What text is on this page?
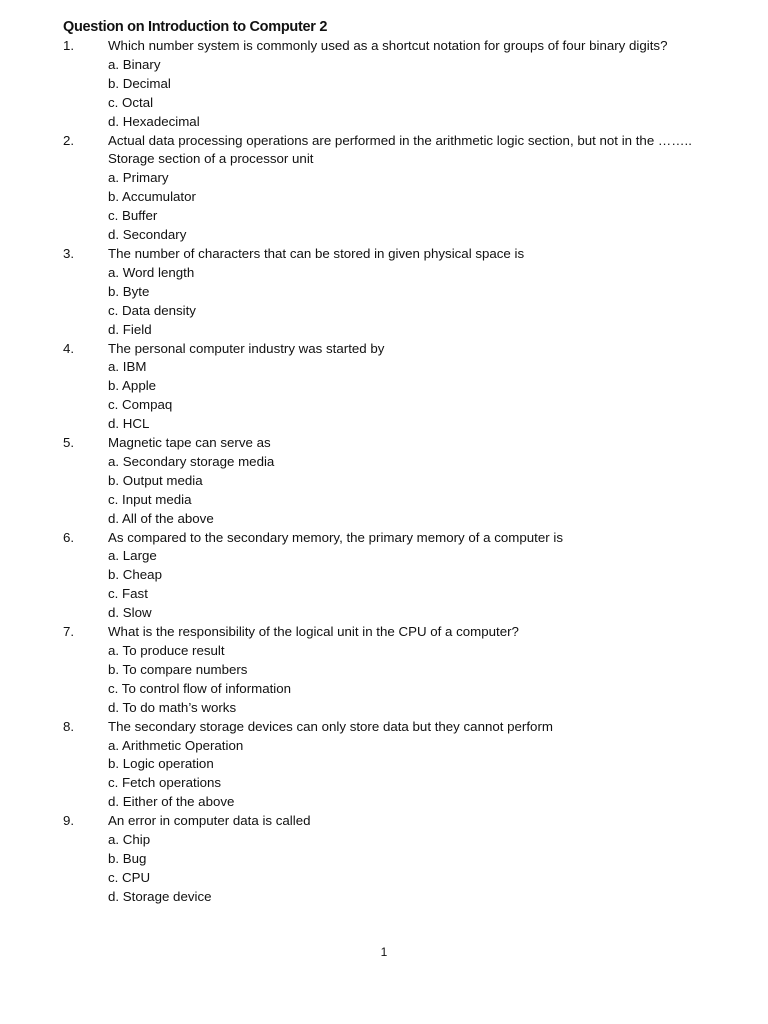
Question on Introduction to Computer 2
1.	Which number system is commonly used as a shortcut notation for groups of four binary digits?
a. Binary
b. Decimal
c. Octal
d. Hexadecimal
2.	Actual data processing operations are performed in the arithmetic logic section, but not in the …….. Storage section of a processor unit
a. Primary
b. Accumulator
c. Buffer
d. Secondary
3.	The number of characters that can be stored in given physical space is
a. Word length
b. Byte
c. Data density
d. Field
4.	The personal computer industry was started by
a. IBM
b. Apple
c. Compaq
d. HCL
5.	Magnetic tape can serve as
a. Secondary storage media
b. Output media
c. Input media
d. All of the above
6.	As compared to the secondary memory, the primary memory of a computer is
a. Large
b. Cheap
c. Fast
d. Slow
7.	What is the responsibility of the logical unit in the CPU of a computer?
a. To produce result
b. To compare numbers
c. To control flow of information
d. To do math’s works
8.	The secondary storage devices can only store data but they cannot perform
a. Arithmetic Operation
b. Logic operation
c. Fetch operations
d. Either of the above
9.	An error in computer data is called
a. Chip
b. Bug
c. CPU
d. Storage device
1
